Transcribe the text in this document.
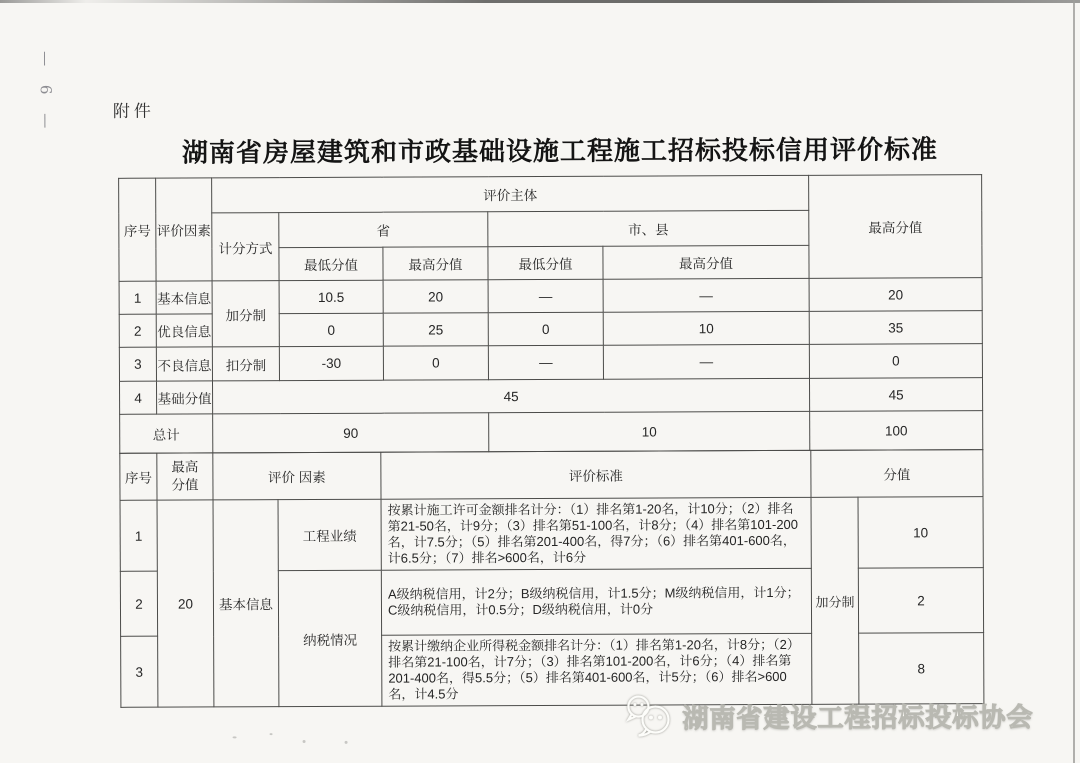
— 6 —	附件
湖南省房屋建筑和市政基础设施工程施工招标投标信用评价标准
序号	评价因素	评价主体					最高分值
		计分方式	省		市、县		
			最低分值	最高分值	最低分值	最高分值	
1	基本信息	加分制	10.5	20	—	—	20
2	优良信息		0	25	0	10	35
3	不良信息	扣分制	-30	0	—	—	0
4	基础分值	45					45
总计		90			10		100
序号	最高分值	评价 因素		评价标准	分值	
1	20	基本信息	工程业绩	按累计施工许可金额排名计分：（1）排名第1-20名，计10分；（2）排名第21-50名，计9分；（3）排名第51-100名，计8分；（4）排名第101-200名，计7.5分；（5）排名第201-400名，得7分；（6）排名第401-600名，计6.5分；（7）排名>600名，计6分	加分制	10
2			纳税情况	A级纳税信用，计2分；B级纳税信用，计1.5分；M级纳税信用，计1分；C级纳税信用，计0.5分；D级纳税信用，计0分		2
3				按累计缴纳企业所得税金额排名计分：（1）排名第1-20名，计8分；（2）排名第21-100名，计7分；（3）排名第101-200名，计6分；（4）排名第201-400名，得5.5分；（5）排名第401-600名，计5分；（6）排名>600名，计4.5分		8
湖南省建设工程招标投标协会
